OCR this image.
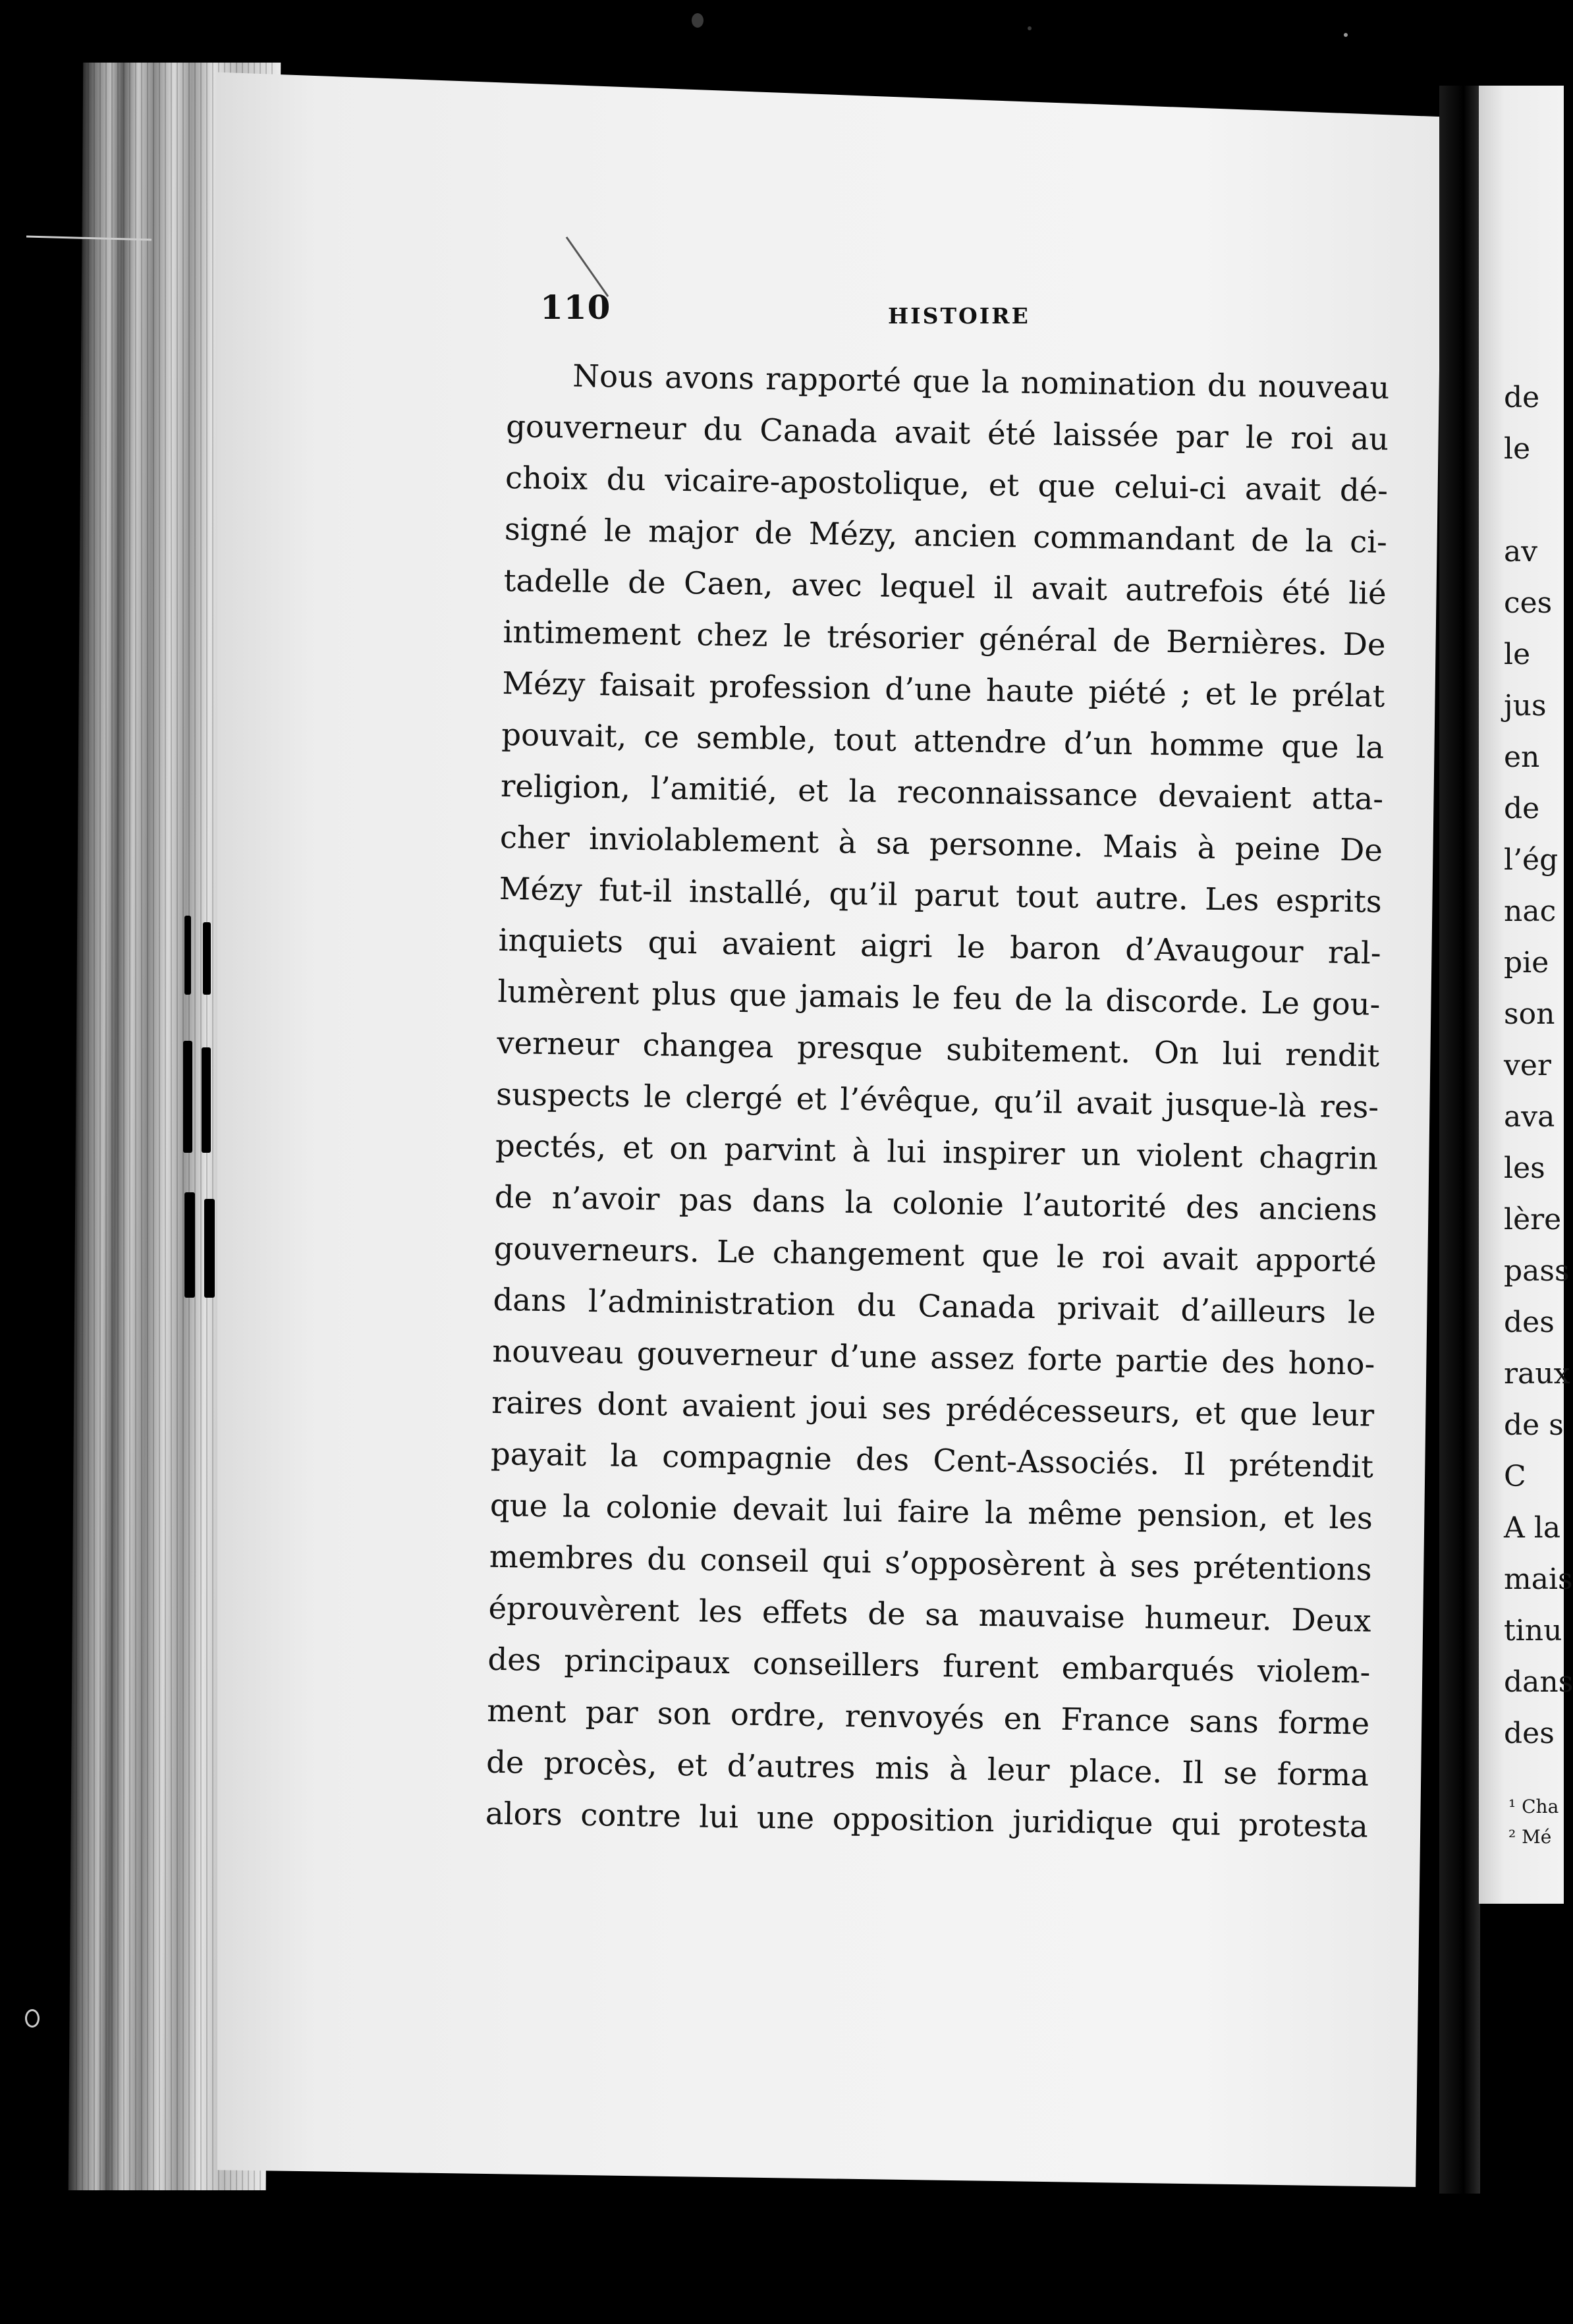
110	HISTOIRE
Nous avons rapporté que la nomination du nouveau
gouverneur du Canada avait été laissée par le roi au
choix du vicaire-apostolique, et que celui-ci avait dé-
signé le major de Mézy, ancien commandant de la ci-
tadelle de Caen, avec lequel il avait autrefois été lié
intimement chez le trésorier général de Bernières. De
Mézy faisait profession d’une haute piété ; et le prélat
pouvait, ce semble, tout attendre d’un homme que la
religion, l’amitié, et la reconnaissance devaient atta-
cher inviolablement à sa personne. Mais à peine De
Mézy fut-il installé, qu’il parut tout autre. Les esprits
inquiets qui avaient aigri le baron d’Avaugour ral-
lumèrent plus que jamais le feu de la discorde. Le gou-
verneur changea presque subitement. On lui rendit
suspects le clergé et l’évêque, qu’il avait jusque-là res-
pectés, et on parvint à lui inspirer un violent chagrin
de n’avoir pas dans la colonie l’autorité des anciens
gouverneurs. Le changement que le roi avait apporté
dans l’administration du Canada privait d’ailleurs le
nouveau gouverneur d’une assez forte partie des hono-
raires dont avaient joui ses prédécesseurs, et que leur
payait la compagnie des Cent-Associés. Il prétendit
que la colonie devait lui faire la même pension, et les
membres du conseil qui s’opposèrent à ses prétentions
éprouvèrent les effets de sa mauvaise humeur. Deux
des principaux conseillers furent embarqués violem-
ment par son ordre, renvoyés en France sans forme
de procès, et d’autres mis à leur place. Il se forma
alors contre lui une opposition juridique qui protesta
de
le
av
ces
le
jus
en
de
l’ég
nac
pie
son
ver
ava
les
lère
pass
des
raux
de s
C
A la
mais
tinu
dans
des
¹ Cha
² Mé
